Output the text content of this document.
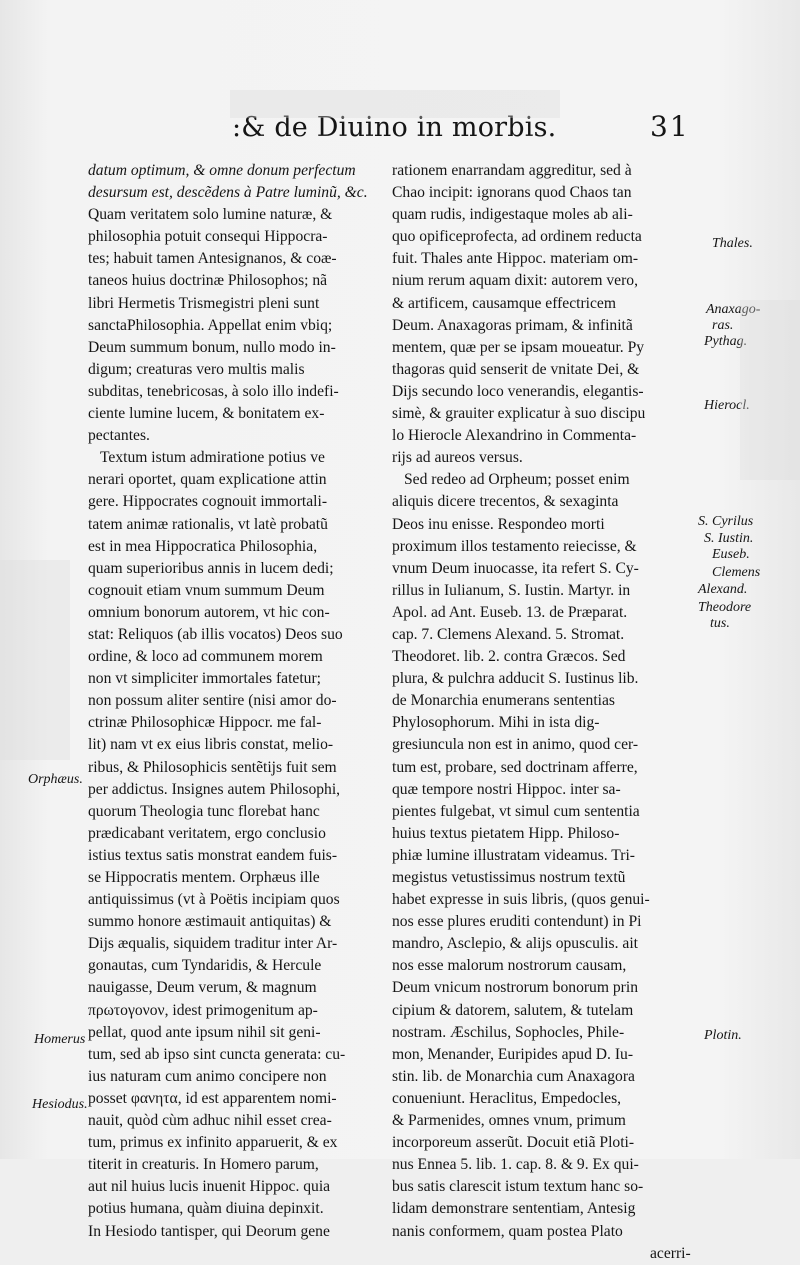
:& de Diuino in morbis.	31
datum optimum, & omne donum perfectum
desursum est, descẽdens à Patre luminũ, &c.
Quam veritatem solo lumine naturæ, &
philosophia potuit consequi Hippocra-
tes; habuit tamen Antesignanos, & coæ-
taneos huius doctrinæ Philosophos; nã
libri Hermetis Trismegistri pleni sunt
sanctaPhilosophia. Appellat enim vbiq;
Deum summum bonum, nullo modo in-
digum; creaturas vero multis malis
subditas, tenebricosas, à solo illo indefi-
ciente lumine lucem, & bonitatem ex-
pectantes.
Textum istum admiratione potius ve
nerari oportet, quam explicatione attin
gere. Hippocrates cognouit immortali-
tatem animæ rationalis, vt latè probatũ
est in mea Hippocratica Philosophia,
quam superioribus annis in lucem dedi;
cognouit etiam vnum summum Deum
omnium bonorum autorem, vt hic con-
stat: Reliquos (ab illis vocatos) Deos suo
ordine, & loco ad communem morem
non vt simpliciter immortales fatetur;
non possum aliter sentire (nisi amor do-
ctrinæ Philosophicæ Hippocr. me fal-
lit) nam vt ex eius libris constat, melio-
ribus, & Philosophicis sentẽtijs fuit sem
per addictus. Insignes autem Philosophi,
quorum Theologia tunc florebat hanc
prædicabant veritatem, ergo conclusio
istius textus satis monstrat eandem fuis-
se Hippocratis mentem. Orphæus ille
antiquissimus (vt à Poëtis incipiam quos
summo honore æstimauit antiquitas) &
Dijs æqualis, siquidem traditur inter Ar-
gonautas, cum Tyndaridis, & Hercule
nauigasse, Deum verum, & magnum
πρωτογονον, idest primogenitum ap-
pellat, quod ante ipsum nihil sit geni-
tum, sed ab ipso sint cuncta generata: cu-
ius naturam cum animo concipere non
posset φανητα, id est apparentem nomi-
nauit, quòd cùm adhuc nihil esset crea-
tum, primus ex infinito apparuerit, & ex
titerit in creaturis. In Homero parum,
aut nil huius lucis inuenit Hippoc. quia
potius humana, quàm diuina depinxit.
In Hesiodo tantisper, qui Deorum gene
rationem enarrandam aggreditur, sed à
Chao incipit: ignorans quod Chaos tan
quam rudis, indigestaque moles ab ali-
quo opificeprofecta, ad ordinem reducta
fuit. Thales ante Hippoc. materiam om-
nium rerum aquam dixit: autorem vero,
& artificem, causamque effectricem
Deum. Anaxagoras primam, & infinitã
mentem, quæ per se ipsam moueatur. Py
thagoras quid senserit de vnitate Dei, &
Dijs secundo loco venerandis, elegantis-
simè, & grauiter explicatur à suo discipu
lo Hierocle Alexandrino in Commenta-
rijs ad aureos versus.
Sed redeo ad Orpheum; posset enim
aliquis dicere trecentos, & sexaginta
Deos inu enisse. Respondeo morti
proximum illos testamento reiecisse, &
vnum Deum inuocasse, ita refert S. Cy-
rillus in Iulianum, S. Iustin. Martyr. in
Apol. ad Ant. Euseb. 13. de Præparat.
cap. 7. Clemens Alexand. 5. Stromat.
Theodoret. lib. 2. contra Græcos. Sed
plura, & pulchra adducit S. Iustinus lib.
de Monarchia enumerans sententias
Phylosophorum. Mihi in ista dig-
gresiuncula non est in animo, quod cer-
tum est, probare, sed doctrinam afferre,
quæ tempore nostri Hippoc. inter sa-
pientes fulgebat, vt simul cum sententia
huius textus pietatem Hipp. Philoso-
phiæ lumine illustratam videamus. Tri-
megistus vetustissimus nostrum textũ
habet expresse in suis libris, (quos genui-
nos esse plures eruditi contendunt) in Pi
mandro, Asclepio, & alijs opusculis. ait
nos esse malorum nostrorum causam,
Deum vnicum nostrorum bonorum prin
cipium & datorem, salutem, & tutelam
nostram. Æschilus, Sophocles, Phile-
mon, Menander, Euripides apud D. Iu-
stin. lib. de Monarchia cum Anaxagora
conueniunt. Heraclitus, Empedocles,
& Parmenides, omnes vnum, primum
incorporeum asserũt. Docuit etiã Ploti-
nus Ennea 5. lib. 1. cap. 8. & 9. Ex qui-
bus satis clarescit istum textum hanc so-
lidam demonstrare sententiam, Antesig
nanis conformem, quam postea Plato
acerri-
Orphæus.
Homerus
Hesiodus.
Thales.
Anaxago-
ras.
Pythag.
Hierocl.
S. Cyrilus
S. Iustin.
Euseb.
Clemens
Alexand.
Theodore
tus.
Plotin.
